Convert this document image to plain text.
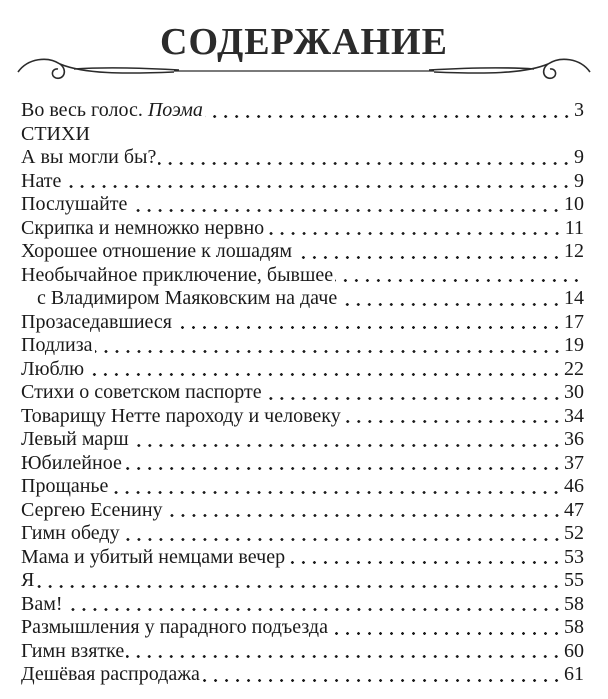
СОДЕРЖАНИЕ
Во весь голос. Поэма	3
СТИХИ
А вы могли бы?	9
Нате	9
Послушайте	10
Скрипка и немножко нервно	11
Хорошее отношение к лошадям	12
Необычайное приключение, бывшее
с Владимиром Маяковским на даче	14
Прозаседавшиеся	17
Подлиза	19
Люблю	22
Стихи о советском паспорте	30
Товарищу Нетте пароходу и человеку	34
Левый марш	36
Юбилейное	37
Прощанье	46
Сергею Есенину	47
Гимн обеду	52
Мама и убитый немцами вечер	53
Я	55
Вам!	58
Размышления у парадного подъезда	58
Гимн взятке	60
Дешёвая распродажа	61
